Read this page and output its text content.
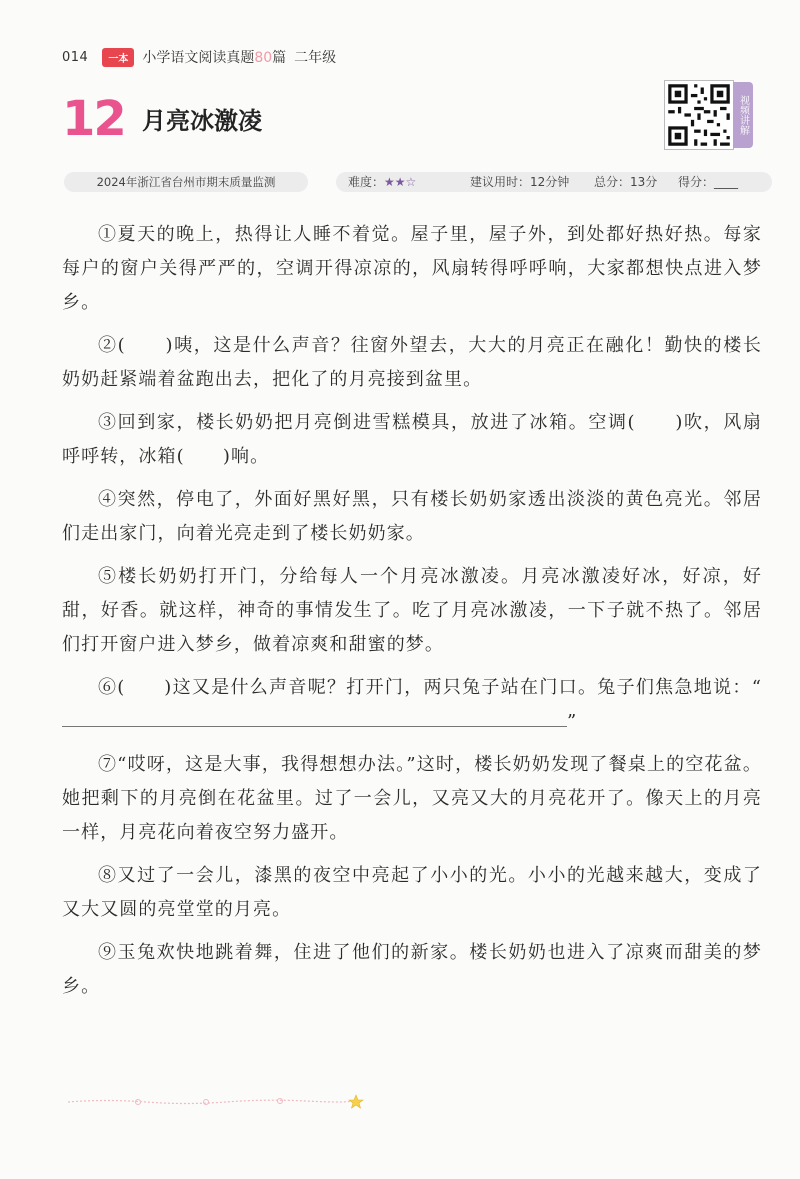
014	一本	小学语文阅读真题80篇 二年级
12 月亮冰激凌	视频讲解
2024年浙江省台州市期末质量监测	难度：★★☆	建议用时：12分钟 总分：13分 得分：____

①夏天的晚上，热得让人睡不着觉。屋子里，屋子外，到处都好热好热。每家每户的窗户关得严严的，空调开得凉凉的，风扇转得呼呼响，大家都想快点进入梦乡。

②(　　)咦，这是什么声音？往窗外望去，大大的月亮正在融化！勤快的楼长奶奶赶紧端着盆跑出去，把化了的月亮接到盆里。

③回到家，楼长奶奶把月亮倒进雪糕模具，放进了冰箱。空调(　　)吹，风扇呼呼转，冰箱(　　)响。

④突然，停电了，外面好黑好黑，只有楼长奶奶家透出淡淡的黄色亮光。邻居们走出家门，向着光亮走到了楼长奶奶家。

⑤楼长奶奶打开门，分给每人一个月亮冰激凌。月亮冰激凌好冰，好凉，好甜，好香。就这样，神奇的事情发生了。吃了月亮冰激凌，一下子就不热了。邻居们打开窗户进入梦乡，做着凉爽和甜蜜的梦。

⑥(　　)这又是什么声音呢？打开门，两只兔子站在门口。兔子们焦急地说：“”

⑦“哎呀，这是大事，我得想想办法。”这时，楼长奶奶发现了餐桌上的空花盆。她把剩下的月亮倒在花盆里。过了一会儿，又亮又大的月亮花开了。像天上的月亮一样，月亮花向着夜空努力盛开。

⑧又过了一会儿，漆黑的夜空中亮起了小小的光。小小的光越来越大，变成了又大又圆的亮堂堂的月亮。

⑨玉兔欢快地跳着舞，住进了他们的新家。楼长奶奶也进入了凉爽而甜美的梦乡。
